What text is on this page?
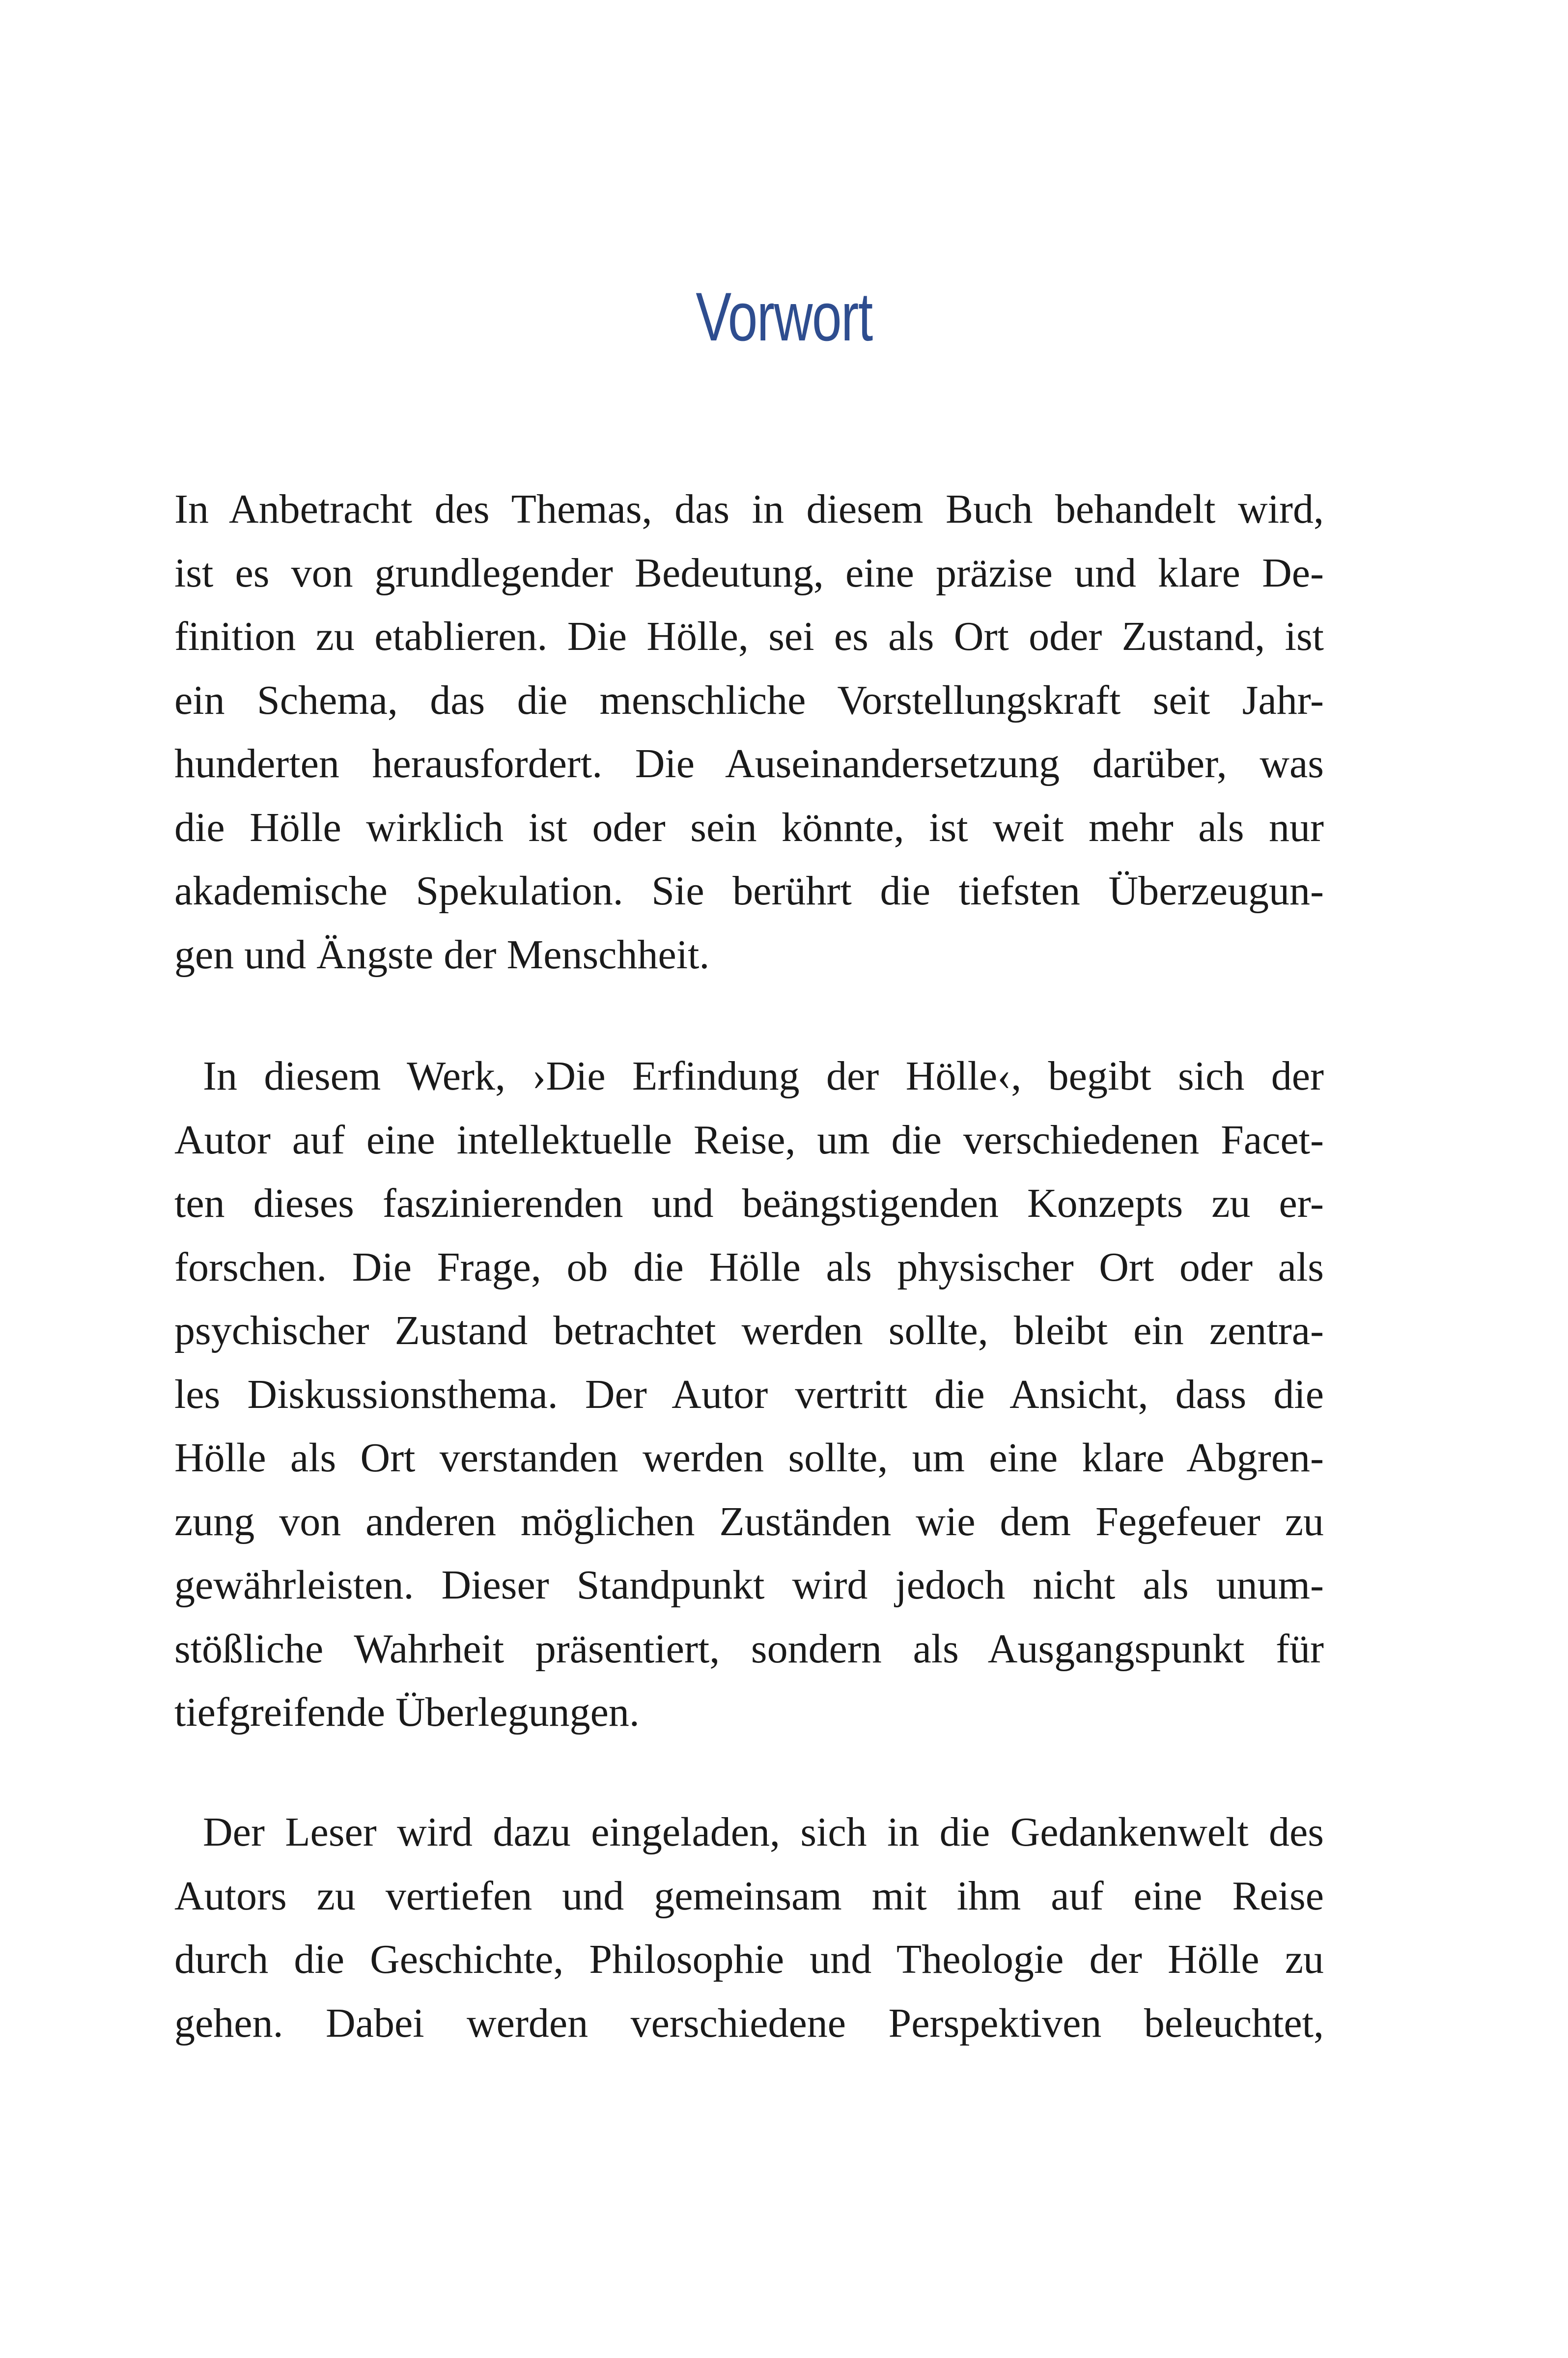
Vorwort
In Anbetracht des Themas, das in diesem Buch behandelt wird,
ist es von grundlegender Bedeutung, eine präzise und klare De-
finition zu etablieren. Die Hölle, sei es als Ort oder Zustand, ist
ein Schema, das die menschliche Vorstellungskraft seit Jahr-
hunderten herausfordert. Die Auseinandersetzung darüber, was
die Hölle wirklich ist oder sein könnte, ist weit mehr als nur
akademische Spekulation. Sie berührt die tiefsten Überzeugun-
gen und Ängste der Menschheit.
In diesem Werk, ›Die Erfindung der Hölle‹, begibt sich der
Autor auf eine intellektuelle Reise, um die verschiedenen Facet-
ten dieses faszinierenden und beängstigenden Konzepts zu er-
forschen. Die Frage, ob die Hölle als physischer Ort oder als
psychischer Zustand betrachtet werden sollte, bleibt ein zentra-
les Diskussionsthema. Der Autor vertritt die Ansicht, dass die
Hölle als Ort verstanden werden sollte, um eine klare Abgren-
zung von anderen möglichen Zuständen wie dem Fegefeuer zu
gewährleisten. Dieser Standpunkt wird jedoch nicht als unum-
stößliche Wahrheit präsentiert, sondern als Ausgangspunkt für
tiefgreifende Überlegungen.
Der Leser wird dazu eingeladen, sich in die Gedankenwelt des
Autors zu vertiefen und gemeinsam mit ihm auf eine Reise
durch die Geschichte, Philosophie und Theologie der Hölle zu
gehen. Dabei werden verschiedene Perspektiven beleuchtet,
